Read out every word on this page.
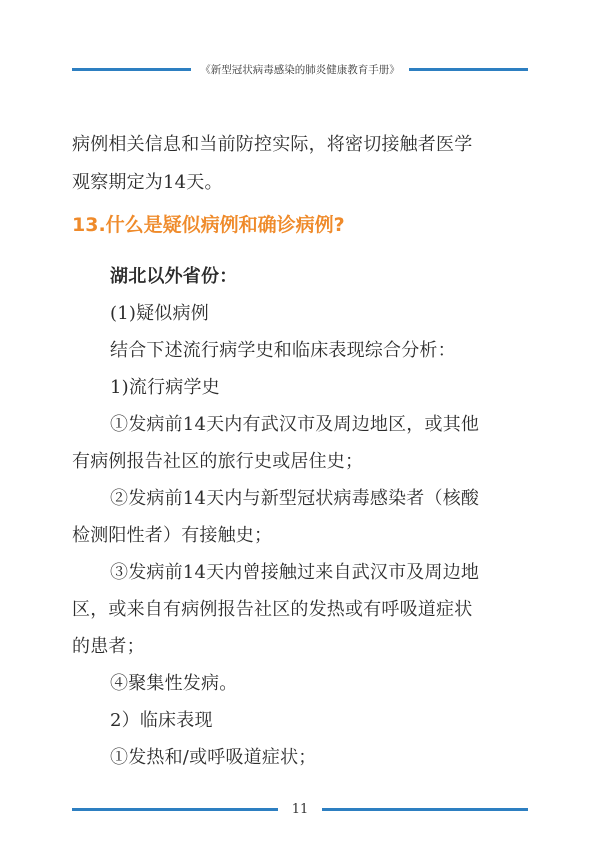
《新型冠状病毒感染的肺炎健康教育手册》
病例相关信息和当前防控实际，将密切接触者医学
观察期定为14天。
13.什么是疑似病例和确诊病例?
湖北以外省份：
(1)疑似病例
结合下述流行病学史和临床表现综合分析：
1)流行病学史
①发病前14天内有武汉市及周边地区，或其他
有病例报告社区的旅行史或居住史；
②发病前14天内与新型冠状病毒感染者（核酸
检测阳性者）有接触史；
③发病前14天内曾接触过来自武汉市及周边地
区，或来自有病例报告社区的发热或有呼吸道症状
的患者；
④聚集性发病。
2）临床表现
①发热和/或呼吸道症状；
11
